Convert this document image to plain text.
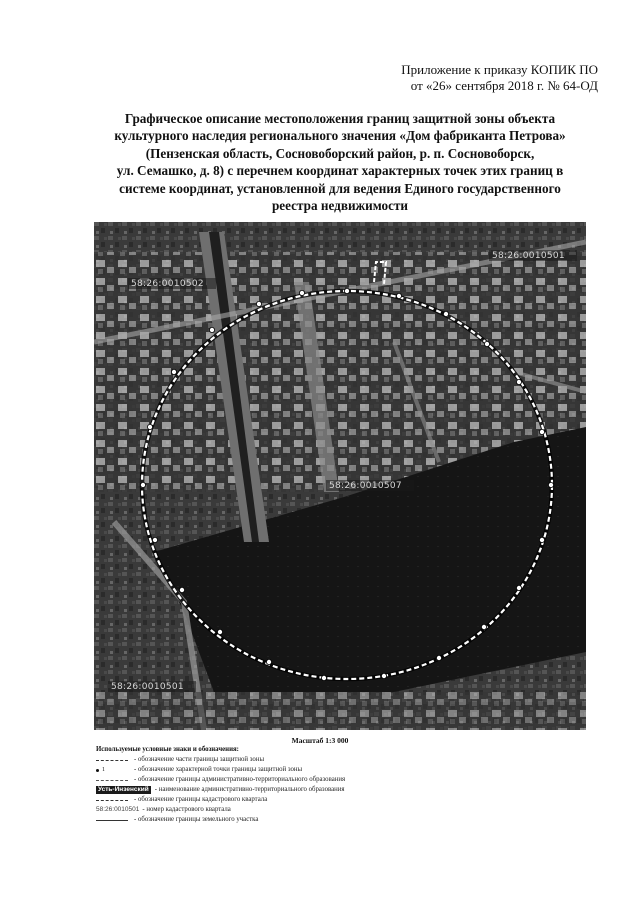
Приложение к приказу КОПИК ПО
от «26» сентября 2018 г. № 64-ОД
Графическое описание местоположения границ защитной зоны объекта
культурного наследия регионального значения «Дом фабриканта Петрова»
(Пензенская область, Сосновоборский район, р. п. Сосновоборск,
ул. Семашко, д. 8) с перечнем координат характерных точек этих границ в
системе координат, установленной для ведения Единого государственного
реестра недвижимости
58:26:0010501
58:26:0010502
58:26:0010507
58:26:0010501
Масштаб 1:3 000
Используемые условные знаки и обозначения:
- обозначение части границы защитной зоны
1	- обозначение характерной точки границы защитной зоны
- обозначение границы административно-территориального образования
Усть-Инзенский - наименование административно-территориального образования
- обозначение границы кадастрового квартала
58:26:0010501 - номер кадастрового квартала
- обозначение границы земельного участка
